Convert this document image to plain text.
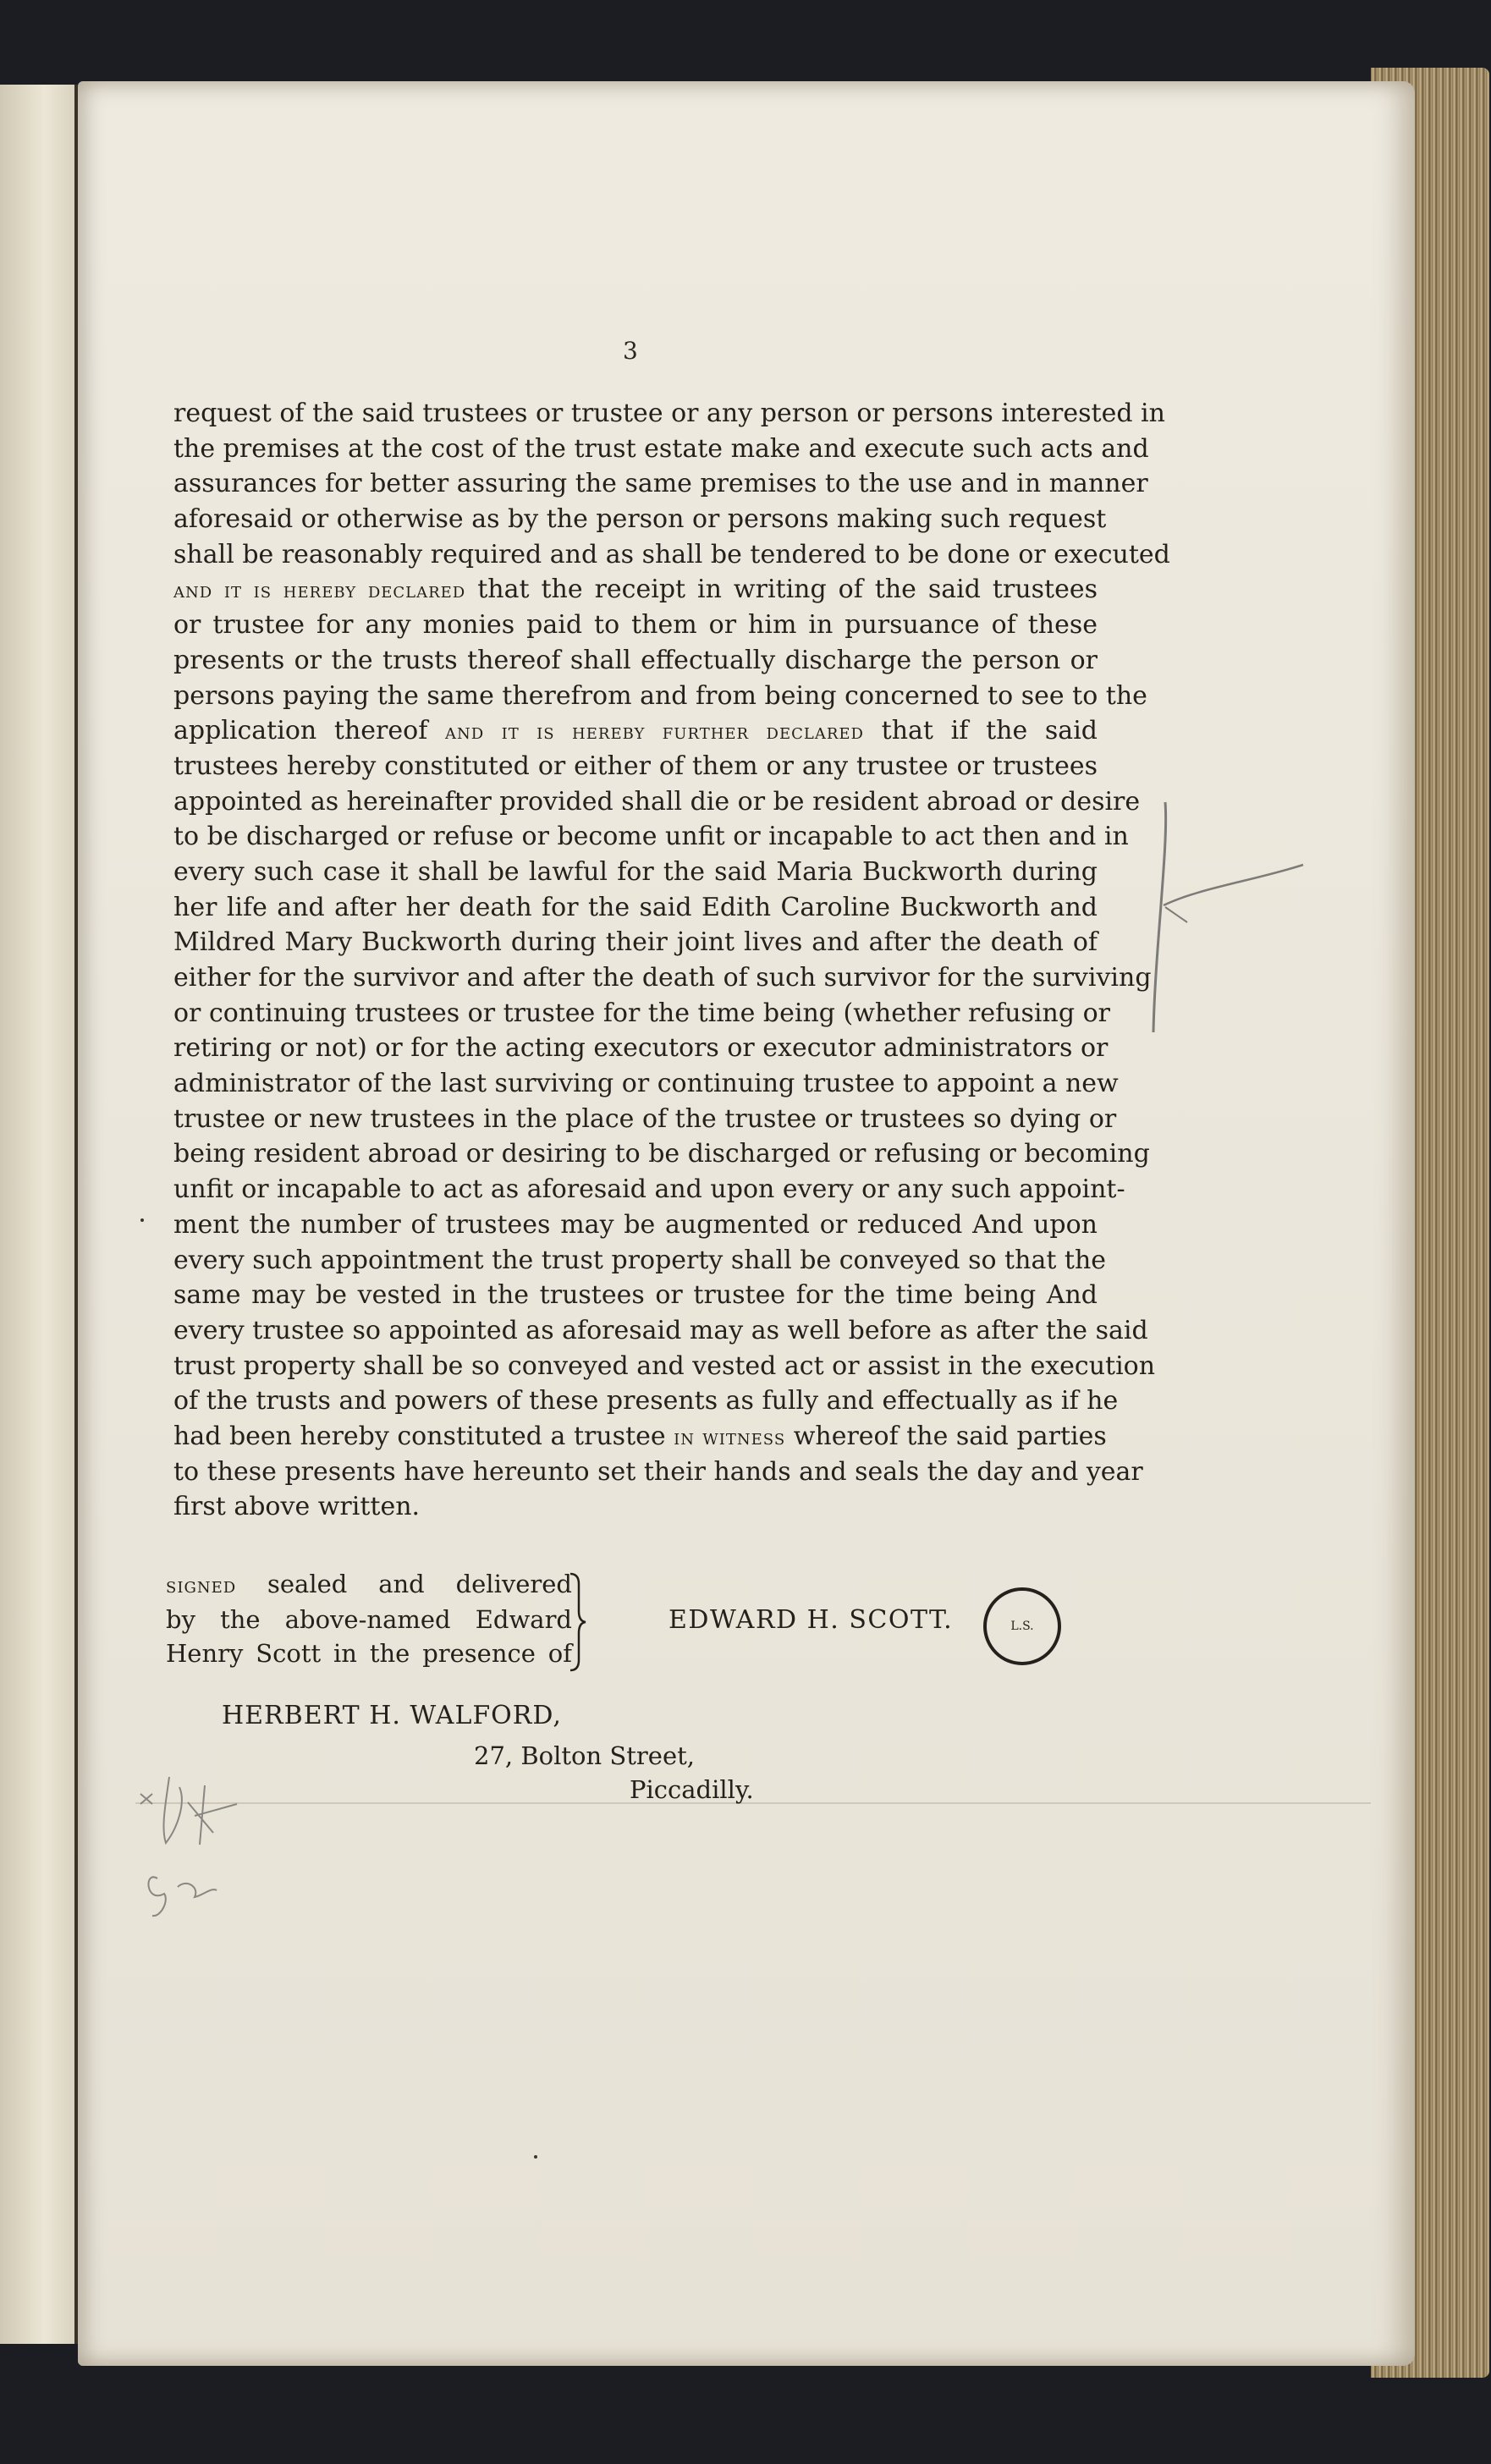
3
request of the said trustees or trustee or any person or persons interested in
the premises at the cost of the trust estate make and execute such acts and
assurances for better assuring the same premises to the use and in manner
aforesaid or otherwise as by the person or persons making such request
shall be reasonably required and as shall be tendered to be done or executed
and it is hereby declared that the receipt in writing of the said trustees
or trustee for any monies paid to them or him in pursuance of these
presents or the trusts thereof shall effectually discharge the person or
persons paying the same therefrom and from being concerned to see to the
application thereof and it is hereby further declared that if the said
trustees hereby constituted or either of them or any trustee or trustees
appointed as hereinafter provided shall die or be resident abroad or desire
to be discharged or refuse or become unfit or incapable to act then and in
every such case it shall be lawful for the said Maria Buckworth during
her life and after her death for the said Edith Caroline Buckworth and
Mildred Mary Buckworth during their joint lives and after the death of
either for the survivor and after the death of such survivor for the surviving
or continuing trustees or trustee for the time being (whether refusing or
retiring or not) or for the acting executors or executor administrators or
administrator of the last surviving or continuing trustee to appoint a new
trustee or new trustees in the place of the trustee or trustees so dying or
being resident abroad or desiring to be discharged or refusing or becoming
unfit or incapable to act as aforesaid and upon every or any such appoint-
ment the number of trustees may be augmented or reduced And upon
every such appointment the trust property shall be conveyed so that the
same may be vested in the trustees or trustee for the time being And
every trustee so appointed as aforesaid may as well before as after the said
trust property shall be so conveyed and vested act or assist in the execution
of the trusts and powers of these presents as fully and effectually as if he
had been hereby constituted a trustee in witness whereof the said parties
to these presents have hereunto set their hands and seals the day and year
first above written.
signed sealed and delivered
by the above-named Edward
Henry Scott in the presence of
EDWARD H. SCOTT.	L.S.
HERBERT H. WALFORD,
27, Bolton Street,
Piccadilly.
